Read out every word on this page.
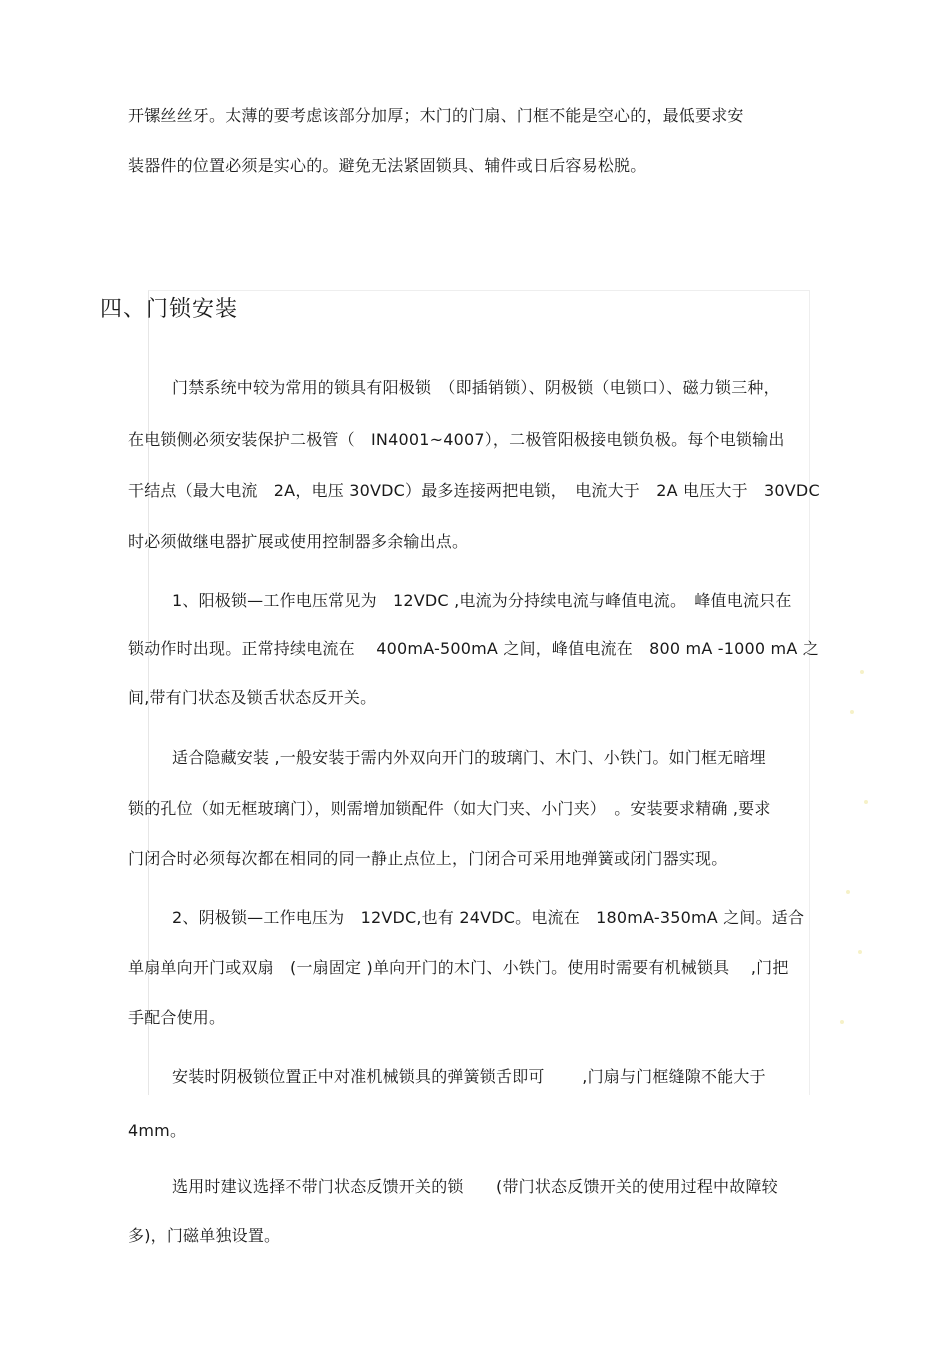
开镙丝丝牙。太薄的要考虑该部分加厚；木门的门扇、门框不能是空心的，最低要求安
装器件的位置必须是实心的。避免无法紧固锁具、辅件或日后容易松脱。
四、门锁安装
门禁系统中较为常用的锁具有阳极锁　（即插销锁）、阴极锁（电锁口）、磁力锁三种，
在电锁侧必须安装保护二极管（　IN4001~4007），二极管阳极接电锁负极。每个电锁输出
干结点（最大电流　2A，电压 30VDC）最多连接两把电锁，　电流大于　2A 电压大于　30VDC
时必须做继电器扩展或使用控制器多余输出点。
1、阳极锁—工作电压常见为　12VDC ,电流为分持续电流与峰值电流。　峰值电流只在
锁动作时出现。正常持续电流在　 400mA-500mA 之间，峰值电流在　800 mA -1000 mA 之
间,带有门状态及锁舌状态反开关。
适合隐藏安装 ,一般安装于需内外双向开门的玻璃门、木门、小铁门。如门框无暗埋
锁的孔位（如无框玻璃门），则需增加锁配件（如大门夹、小门夹）　。安装要求精确 ,要求
门闭合时必须每次都在相同的同一静止点位上，门闭合可采用地弹簧或闭门器实现。
2、阴极锁—工作电压为　12VDC,也有 24VDC。电流在　180mA-350mA 之间。适合
单扇单向开门或双扇　(一扇固定 )单向开门的木门、小铁门。使用时需要有机械锁具　 ,门把
手配合使用。
安装时阴极锁位置正中对准机械锁具的弹簧锁舌即可　　 ,门扇与门框缝隙不能大于
4mm。
选用时建议选择不带门状态反馈开关的锁　　(带门状态反馈开关的使用过程中故障较
多)，门磁单独设置。
